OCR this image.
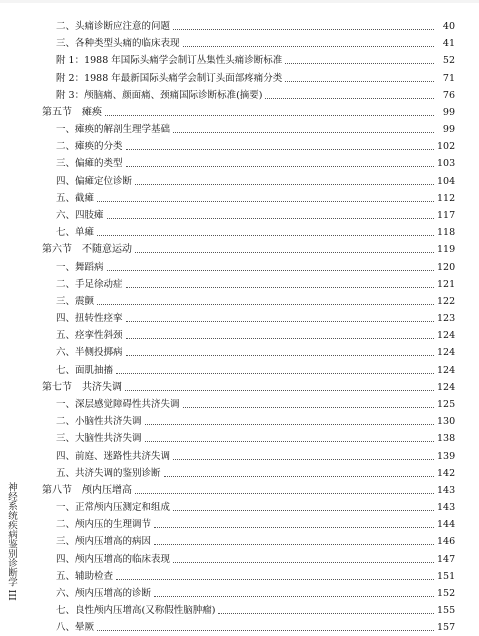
神经系统疾病鉴别诊断学 III
二、头痛诊断应注意的问题	40
三、各种类型头痛的临床表现	41
附 1：1988 年国际头痛学会制订丛集性头痛诊断标准	52
附 2：1988 年最新国际头痛学会制订头面部疼痛分类	71
附 3：颅脑痛、颜面痛、颈痛国际诊断标准(摘要)	76
第五节　瘫痪	99
一、瘫痪的解剖生理学基础	99
二、瘫痪的分类	102
三、偏瘫的类型	103
四、偏瘫定位诊断	104
五、截瘫	112
六、四肢瘫	117
七、单瘫	118
第六节　不随意运动	119
一、舞蹈病	120
二、手足徐动症	121
三、震颤	122
四、扭转性痉挛	123
五、痉挛性斜颈	124
六、半侧投掷病	124
七、面肌抽搐	124
第七节　共济失调	124
一、深层感觉障碍性共济失调	125
二、小脑性共济失调	130
三、大脑性共济失调	138
四、前庭、迷路性共济失调	139
五、共济失调的鉴别诊断	142
第八节　颅内压增高	143
一、正常颅内压测定和组成	143
二、颅内压的生理调节	144
三、颅内压增高的病因	146
四、颅内压增高的临床表现	147
五、辅助检查	151
六、颅内压增高的诊断	152
七、良性颅内压增高(又称假性脑肿瘤)	155
八、晕厥	157
